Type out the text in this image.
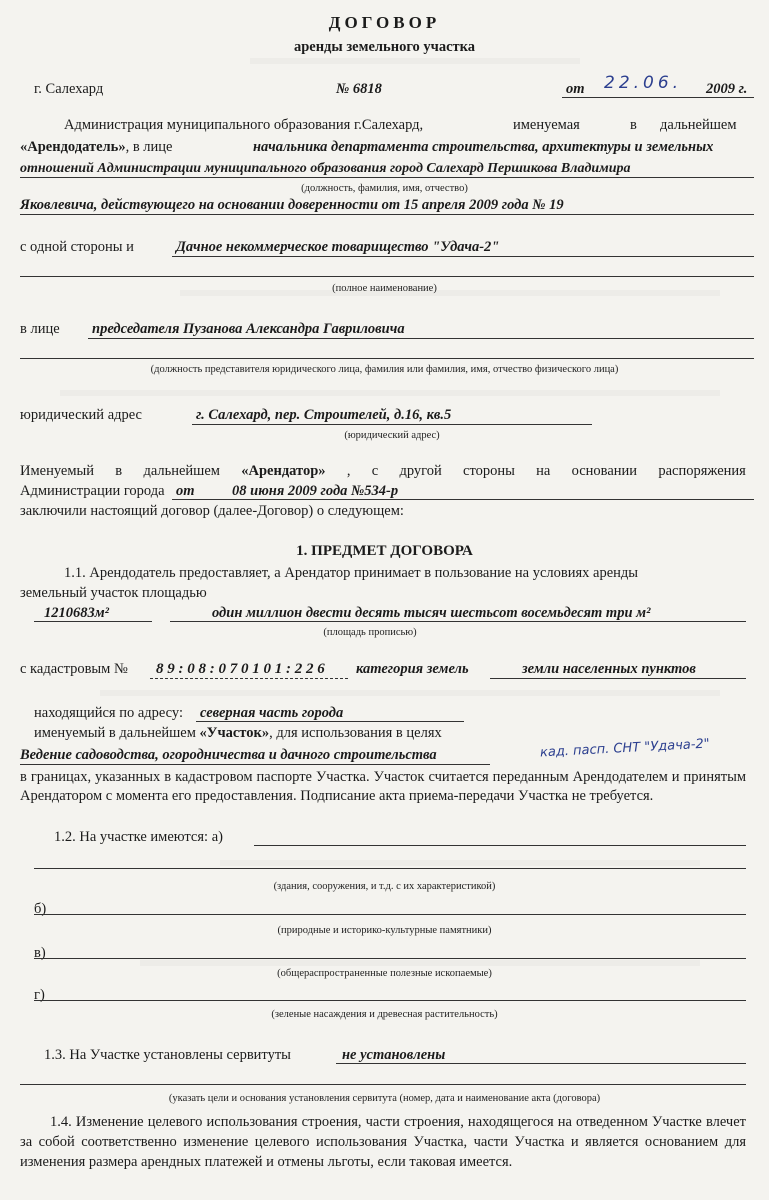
ДОГОВОР
аренды земельного участка
г. Салехард	№ 6818	от 22.06. 2009 г.
Администрация муниципального образования г.Салехард,	именуемая	в дальнейшем
«Арендодатель», в лице	начальника департамента строительства, архитектуры и земельных
отношений Администрации муниципального образования город Салехард Першикова Владимира
(должность, фамилия, имя, отчество)
Яковлевича, действующего на основании доверенности от 15 апреля 2009 года № 19
с одной стороны и	Дачное некоммерческое товарищество "Удача-2"
(полное наименование)
в лице председателя Пузанова Александра Гавриловича
(должность представителя юридического лица, фамилия или фамилия, имя, отчество физического лица)
юридический адрес	г. Салехард, пер. Строителей, д.16, кв.5
(юридический адрес)
Именуемый в дальнейшем «Арендатор» , с другой стороны на основании распоряжения
Администрации города от	08 июня 2009 года №534-р
заключили настоящий договор (далее-Договор) о следующем:
1. ПРЕДМЕТ ДОГОВОРА
1.1. Арендодатель предоставляет, а Арендатор принимает в пользование на условиях аренды
земельный участок площадью
1210683м²	один миллион двести десять тысяч шестьсот восемьдесят три м²
(площадь прописью)
с кадастровым № 8 9 : 0 8 : 0 7 0 1 0 1 : 2 2 6 категория земель	земли населенных пунктов
находящийся по адресу: северная часть города
именуемый в дальнейшем «Участок», для использования в целях
Ведение садоводства, огородничества и дачного строительства	кад. пасп. СНТ "Удача-2"
в границах, указанных в кадастровом паспорте Участка. Участок считается переданным Арендодателем и принятым Арендатором с момента его предоставления. Подписание акта приема-передачи Участка не требуется.
1.2. На участке имеются: а)
(здания, сооружения, и т.д. с их характеристикой)
б)
(природные и историко-культурные памятники)
в)
(общераспространенные полезные ископаемые)
г)
(зеленые насаждения и древесная растительность)
1.3. На Участке установлены сервитуты	не установлены
(указать цели и основания установления сервитута (номер, дата и наименование акта (договора)
1.4. Изменение целевого использования строения, части строения, находящегося на отведенном Участке влечет за собой соответственно изменение целевого использования Участка, части Участка и является основанием для изменения размера арендных платежей и отмены льготы, если таковая имеется.
